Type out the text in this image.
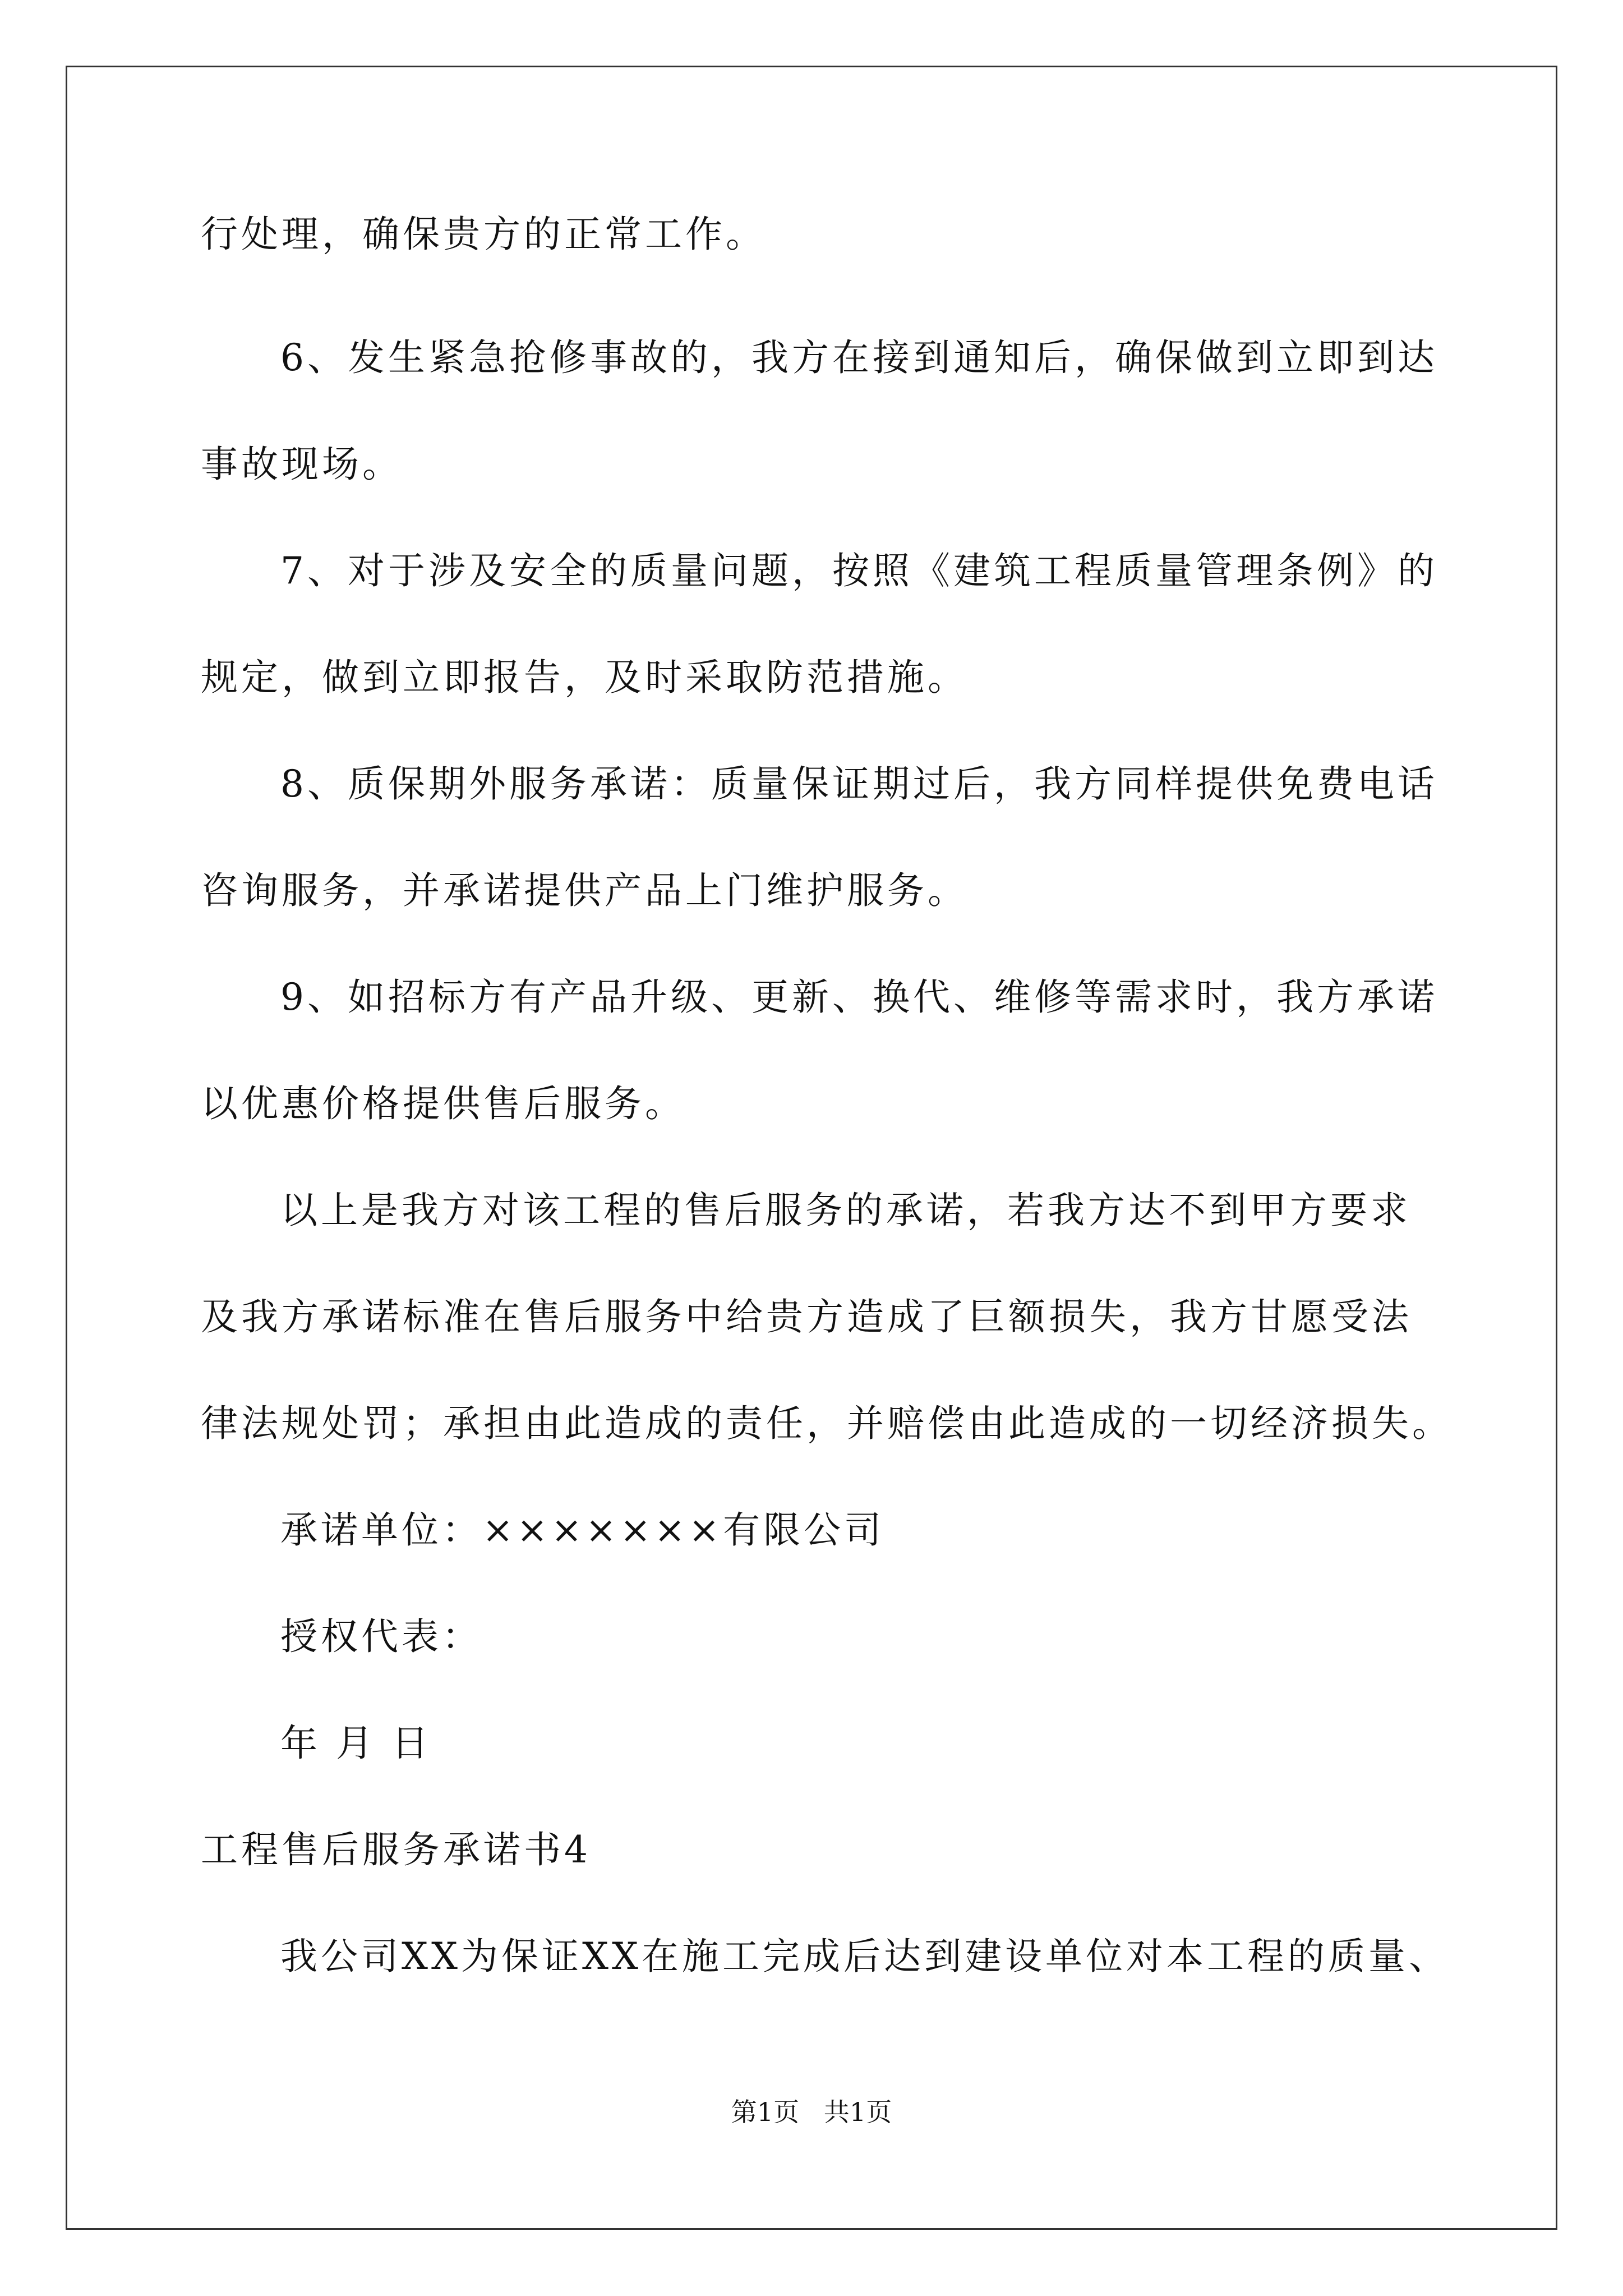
行处理，确保贵方的正常工作。
6、发生紧急抢修事故的，我方在接到通知后，确保做到立即到达
事故现场。
7、对于涉及安全的质量问题，按照《建筑工程质量管理条例》的
规定，做到立即报告，及时采取防范措施。
8、质保期外服务承诺：质量保证期过后，我方同样提供免费电话
咨询服务，并承诺提供产品上门维护服务。
9、如招标方有产品升级、更新、换代、维修等需求时，我方承诺
以优惠价格提供售后服务。
以上是我方对该工程的售后服务的承诺，若我方达不到甲方要求
及我方承诺标准在售后服务中给贵方造成了巨额损失，我方甘愿受法
律法规处罚；承担由此造成的责任，并赔偿由此造成的一切经济损失。
承诺单位：×××××××有限公司
授权代表：
年 月 日
工程售后服务承诺书4
我公司XX为保证XX在施工完成后达到建设单位对本工程的质量、
第1页   共1页
